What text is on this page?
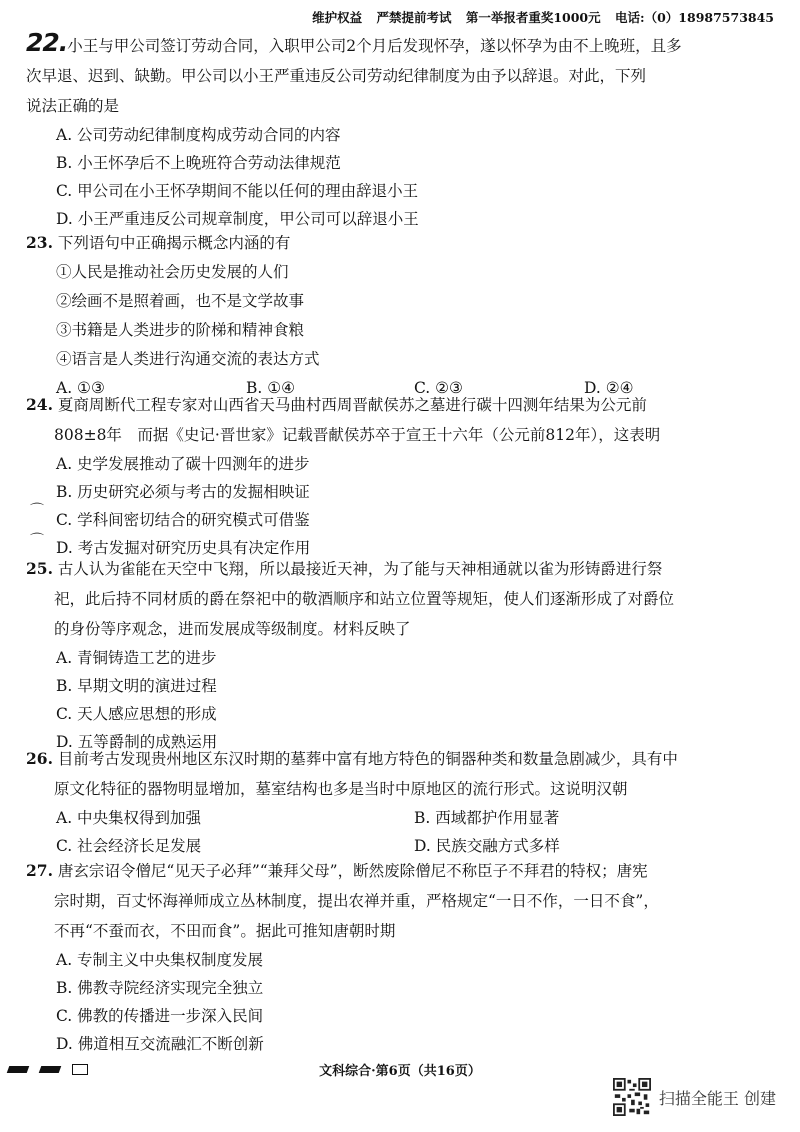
维护权益 严禁提前考试 第一举报者重奖1000元 电话:（0）18987573845
22.小王与甲公司签订劳动合同，入职甲公司2个月后发现怀孕，遂以怀孕为由不上晚班，且多
次早退、迟到、缺勤。甲公司以小王严重违反公司劳动纪律制度为由予以辞退。对此，下列
说法正确的是
A. 公司劳动纪律制度构成劳动合同的内容
B. 小王怀孕后不上晚班符合劳动法律规范
C. 甲公司在小王怀孕期间不能以任何的理由辞退小王
D. 小王严重违反公司规章制度，甲公司可以辞退小王
23. 下列语句中正确揭示概念内涵的有
①人民是推动社会历史发展的人们
②绘画不是照着画，也不是文学故事
③书籍是人类进步的阶梯和精神食粮
④语言是人类进行沟通交流的表达方式
A. ①③	B. ①④	C. ②③	D. ②④
24. 夏商周断代工程专家对山西省天马曲村西周晋献侯苏之墓进行碳十四测年结果为公元前
808±8年　而据《史记·晋世家》记载晋献侯苏卒于宣王十六年（公元前812年），这表明
A. 史学发展推动了碳十四测年的进步
B. 历史研究必须与考古的发掘相映证
C. 学科间密切结合的研究模式可借鉴
D. 考古发掘对研究历史具有决定作用
25. 古人认为雀能在天空中飞翔，所以最接近天神，为了能与天神相通就以雀为形铸爵进行祭
祀，此后持不同材质的爵在祭祀中的敬酒顺序和站立位置等规矩，使人们逐渐形成了对爵位
的身份等序观念，进而发展成等级制度。材料反映了
A. 青铜铸造工艺的进步
B. 早期文明的演进过程
C. 天人感应思想的形成
D. 五等爵制的成熟运用
26. 目前考古发现贵州地区东汉时期的墓葬中富有地方特色的铜器种类和数量急剧减少，具有中
原文化特征的器物明显增加，墓室结构也多是当时中原地区的流行形式。这说明汉朝
A. 中央集权得到加强	B. 西域都护作用显著
C. 社会经济长足发展	D. 民族交融方式多样
27. 唐玄宗诏令僧尼“见天子必拜”“兼拜父母”，断然废除僧尼不称臣子不拜君的特权；唐宪
宗时期，百丈怀海禅师成立丛林制度，提出农禅并重，严格规定“一日不作，一日不食”，
不再“不蚕而衣，不田而食”。据此可推知唐朝时期
A. 专制主义中央集权制度发展
B. 佛教寺院经济实现完全独立
C. 佛教的传播进一步深入民间
D. 佛道相互交流融汇不断创新
⌒
⌒
文科综合·第6页（共16页）
扫描全能王 创建
